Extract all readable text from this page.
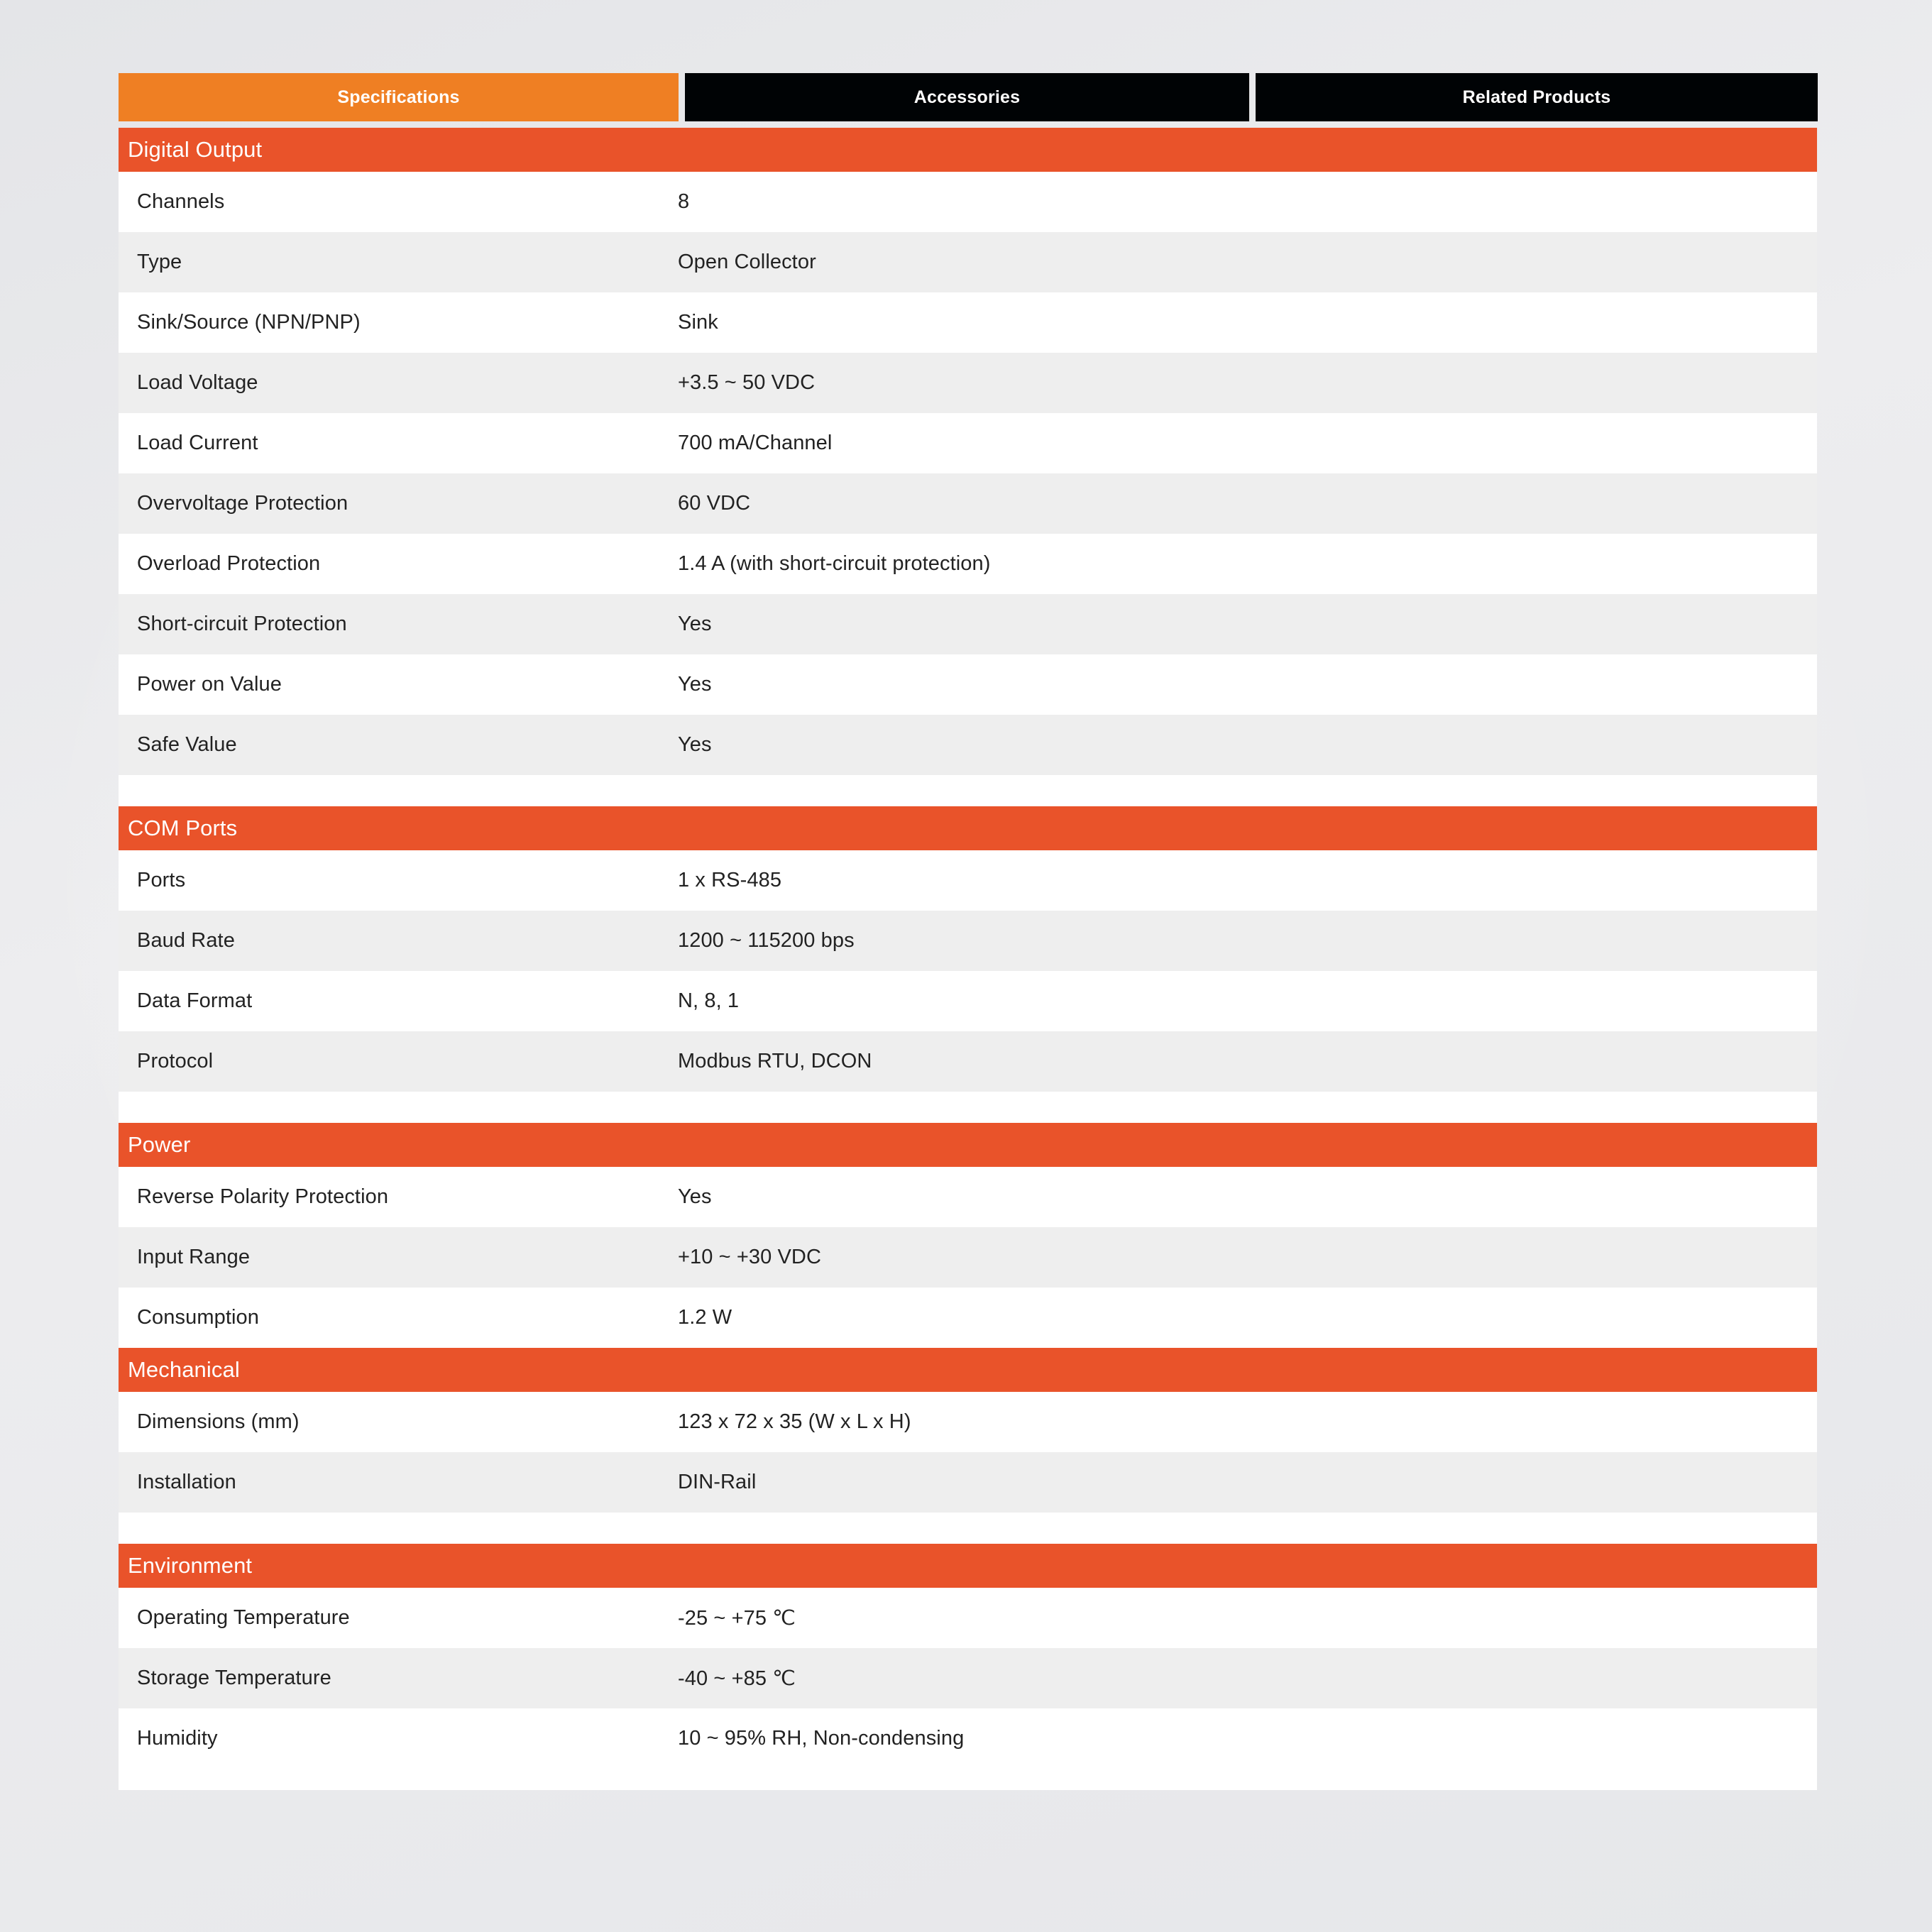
Specifications	Accessories	Related Products
Digital Output
Channels	8
Type	Open Collector
Sink/Source (NPN/PNP)	Sink
Load Voltage	+3.5 ~ 50 VDC
Load Current	700 mA/Channel
Overvoltage Protection	60 VDC
Overload Protection	1.4 A (with short-circuit protection)
Short-circuit Protection	Yes
Power on Value	Yes
Safe Value	Yes
COM Ports
Ports	1 x RS-485
Baud Rate	1200 ~ 115200 bps
Data Format	N, 8, 1
Protocol	Modbus RTU, DCON
Power
Reverse Polarity Protection	Yes
Input Range	+10 ~ +30 VDC
Consumption	1.2 W
Mechanical
Dimensions (mm)	123 x 72 x 35 (W x L x H)
Installation	DIN-Rail
Environment
Operating Temperature	-25 ~ +75 ℃
Storage Temperature	-40 ~ +85 ℃
Humidity	10 ~ 95% RH, Non-condensing
